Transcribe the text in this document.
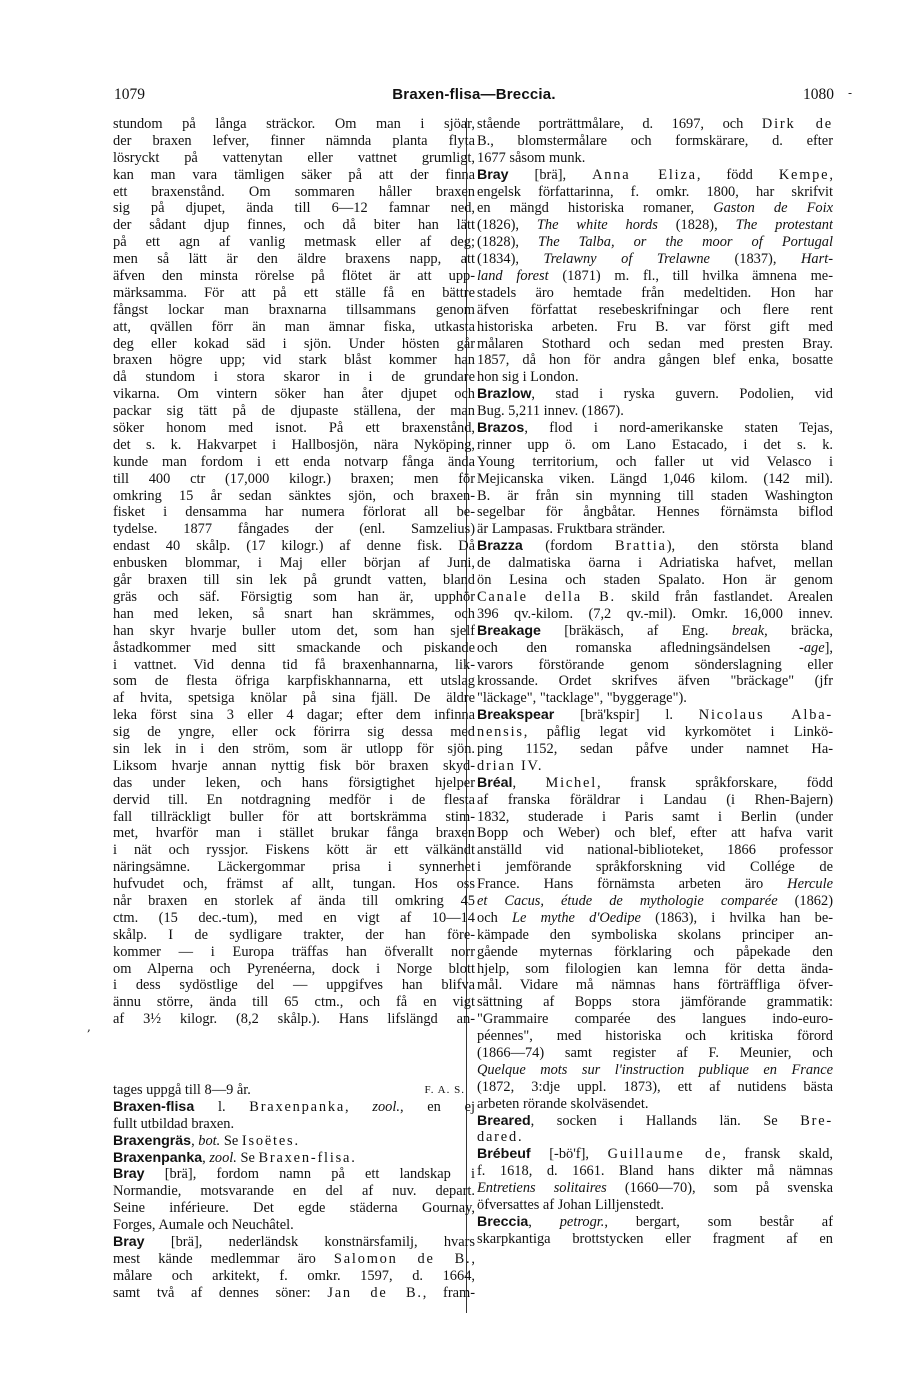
1079	Braxen-flisa—Breccia.	1080 -
stundom på långa sträckor. Om man i sjöar,
der braxen lefver, finner nämnda planta flyta
lösryckt på vattenytan eller vattnet grumligt,
kan man vara tämligen säker på att der finna
ett braxenstånd. Om sommaren håller braxen
sig på djupet, ända till 6—12 famnar ned,
der sådant djup finnes, och då biter han lätt
på ett agn af vanlig metmask eller af deg;
men så lätt är den äldre braxens napp, att
äfven den minsta rörelse på flötet är att upp-
märksamma. För att på ett ställe få en bättre
fångst lockar man braxnarna tillsammans genom
att, qvällen förr än man ämnar fiska, utkasta
deg eller kokad säd i sjön. Under hösten går
braxen högre upp; vid stark blåst kommer han
då stundom i stora skaror in i de grundare
vikarna. Om vintern söker han åter djupet och
packar sig tätt på de djupaste ställena, der man
söker honom med isnot. På ett braxenstånd,
det s. k. Hakvarpet i Hallbosjön, nära Nyköping,
kunde man fordom i ett enda notvarp fånga ända
till 400 ctr (17,000 kilogr.) braxen; men för
omkring 15 år sedan sänktes sjön, och braxen-
fisket i densamma har numera förlorat all be-
tydelse. 1877 fångades der (enl. Samzelius)
endast 40 skålp. (17 kilogr.) af denne fisk. Då
enbusken blommar, i Maj eller början af Juni,
går braxen till sin lek på grundt vatten, bland
gräs och säf. Försigtig som han är, upphör
han med leken, så snart han skrämmes, och
han skyr hvarje buller utom det, som han sjelf
åstadkommer med sitt smackande och piskande
i vattnet. Vid denna tid få braxenhannarna, lik-
som de flesta öfriga karpfiskhannarna, ett utslag
af hvita, spetsiga knölar på sina fjäll. De äldre
leka först sina 3 eller 4 dagar; efter dem infinna
sig de yngre, eller ock förirra sig dessa med
sin lek in i den ström, som är utlopp för sjön.
Liksom hvarje annan nyttig fisk bör braxen skyd-
das under leken, och hans försigtighet hjelper
dervid till. En notdragning medför i de flesta
fall tillräckligt buller för att bortskrämma stim-
met, hvarför man i stället brukar fånga braxen
i nät och ryssjor. Fiskens kött är ett välkändt
näringsämne. Läckergommar prisa i synnerhet
hufvudet och, främst af allt, tungan. Hos oss
når braxen en storlek af ända till omkring 45
ctm. (15 dec.-tum), med en vigt af 10—14
skålp. I de sydligare trakter, der han före-
kommer — i Europa träffas han öfverallt norr
om Alperna och Pyrenéerna, dock i Norge blott
i dess sydöstligе del — uppgifves han blifva
ännu större, ända till 65 ctm., och få en vigt
af 3½ kilogr. (8,2 skålp.). Hans lifslängd an-
tages uppgå till 8—9 år.	F. A. S.
Braxen-flisa l. Braxenpanka, zool., en ej
fullt utbildad braxen.
Braxengräs, bot. Se Isoëtes.
Braxenpanka, zool. Se Braxen-flisa.
Bray [brä], fordom namn på ett landskap i
Normandie, motsvarande en del af nuv. depart.
Seine inférieure. Det egde städerna Gournay,
Forges, Aumale och Neuchâtel.
Bray [brä], nederländsk konstnärsfamilj, hvars
mest kände medlemmar äro Salomon de B.,
målare och arkitekt, f. omkr. 1597, d. 1664,
samt två af dennes söner: Jan de B., fram-
stående porträttmålare, d. 1697, och Dirk de
B., blomstermålare och formskärare, d. efter
1677 såsom munk.
Bray [brä], Anna Eliza, född Kempe,
engelsk författarinna, f. omkr. 1800, har skrifvit
en mängd historiska romaner, Gaston de Foix
(1826), The white hords (1828), The protestant
(1828), The Talba, or the moor of Portugal
(1834), Trelawny of Trelawne (1837), Hart-
land forest (1871) m. fl., till hvilka ämnena me-
stadels äro hemtade från medeltiden. Hon har
äfven författat resebeskrifningar och flere rent
historiska arbeten. Fru B. var först gift med
målaren Stothard och sedan med presten Bray.
1857, då hon för andra gången blef enka, bosatte
hon sig i London.
Brazlow, stad i ryska guvern. Podolien, vid
Bug. 5,211 innev. (1867).
Brazos, flod i nord-amerikanske staten Tejas,
rinner upp ö. om Lano Estacado, i det s. k.
Young territorium, och faller ut vid Velasco i
Mejicanska viken. Längd 1,046 kilom. (142 mil).
B. är från sin mynning till staden Washington
segelbar för ångbåtar. Hennes förnämsta biflod
är Lampasas. Fruktbara stränder.
Brazza (fordom Brattia), den största bland
de dalmatiska öarna i Adriatiska hafvet, mellan
ön Lesina och staden Spalato. Hon är genom
Canale della B. skild från fastlandet. Arealen
396 qv.-kilom. (7,2 qv.-mil). Omkr. 16,000 innev.
Breakage [bräkäsch, af Eng. break, bräcka,
och den romanska afledningsändelsen -age],
varors förstörande genom sönderslagning eller
krossande. Ordet skrifves äfven "bräckage" (jfr
"läckage", "tacklage", "byggerage").
Breakspear [brä'kspir] l. Nicolaus Alba-
nensis, påflig legat vid kyrkomötet i Linkö-
ping 1152, sedan påfve under namnet Ha-
drian IV.
Bréal, Michel, fransk språkforskare, född
af franska föräldrar i Landau (i Rhen-Bajern)
1832, studerade i Paris samt i Berlin (under
Bopp och Weber) och blef, efter att hafva varit
anställd vid national-biblioteket, 1866 professor
i jemförande språkforskning vid Collége de
France. Hans förnämsta arbeten äro Hercule
et Cacus, étude de mythologie comparée (1862)
och Le mythe d'Oedipe (1863), i hvilka han be-
kämpade den symboliska skolans principer an-
gående myternas förklaring och påpekade den
hjelp, som filologien kan lemna för detta ända-
mål. Vidare må nämnas hans förträffliga öfver-
sättning af Bopps stora jämförande grammatik:
"Grammaire comparée des langues indo-euro-
péennes", med historiska och kritiska förord
(1866—74) samt register af F. Meunier, och
Quelque mots sur l'instruction publique en France
(1872, 3:dje uppl. 1873), ett af nutidens bästa
arbeten rörande skolväsendet.
Breared, socken i Hallands län. Se Bre-
dared.
Brébeuf [-bö'f], Guillaume de, fransk skald,
f. 1618, d. 1661. Bland hans dikter må nämnas
Entretiens solitaires (1660—70), som på svenska
öfversattes af Johan Lilljenstedt.
Breccia, petrogr., bergart, som består af
skarpkantiga brottstycken eller fragment af en
,
